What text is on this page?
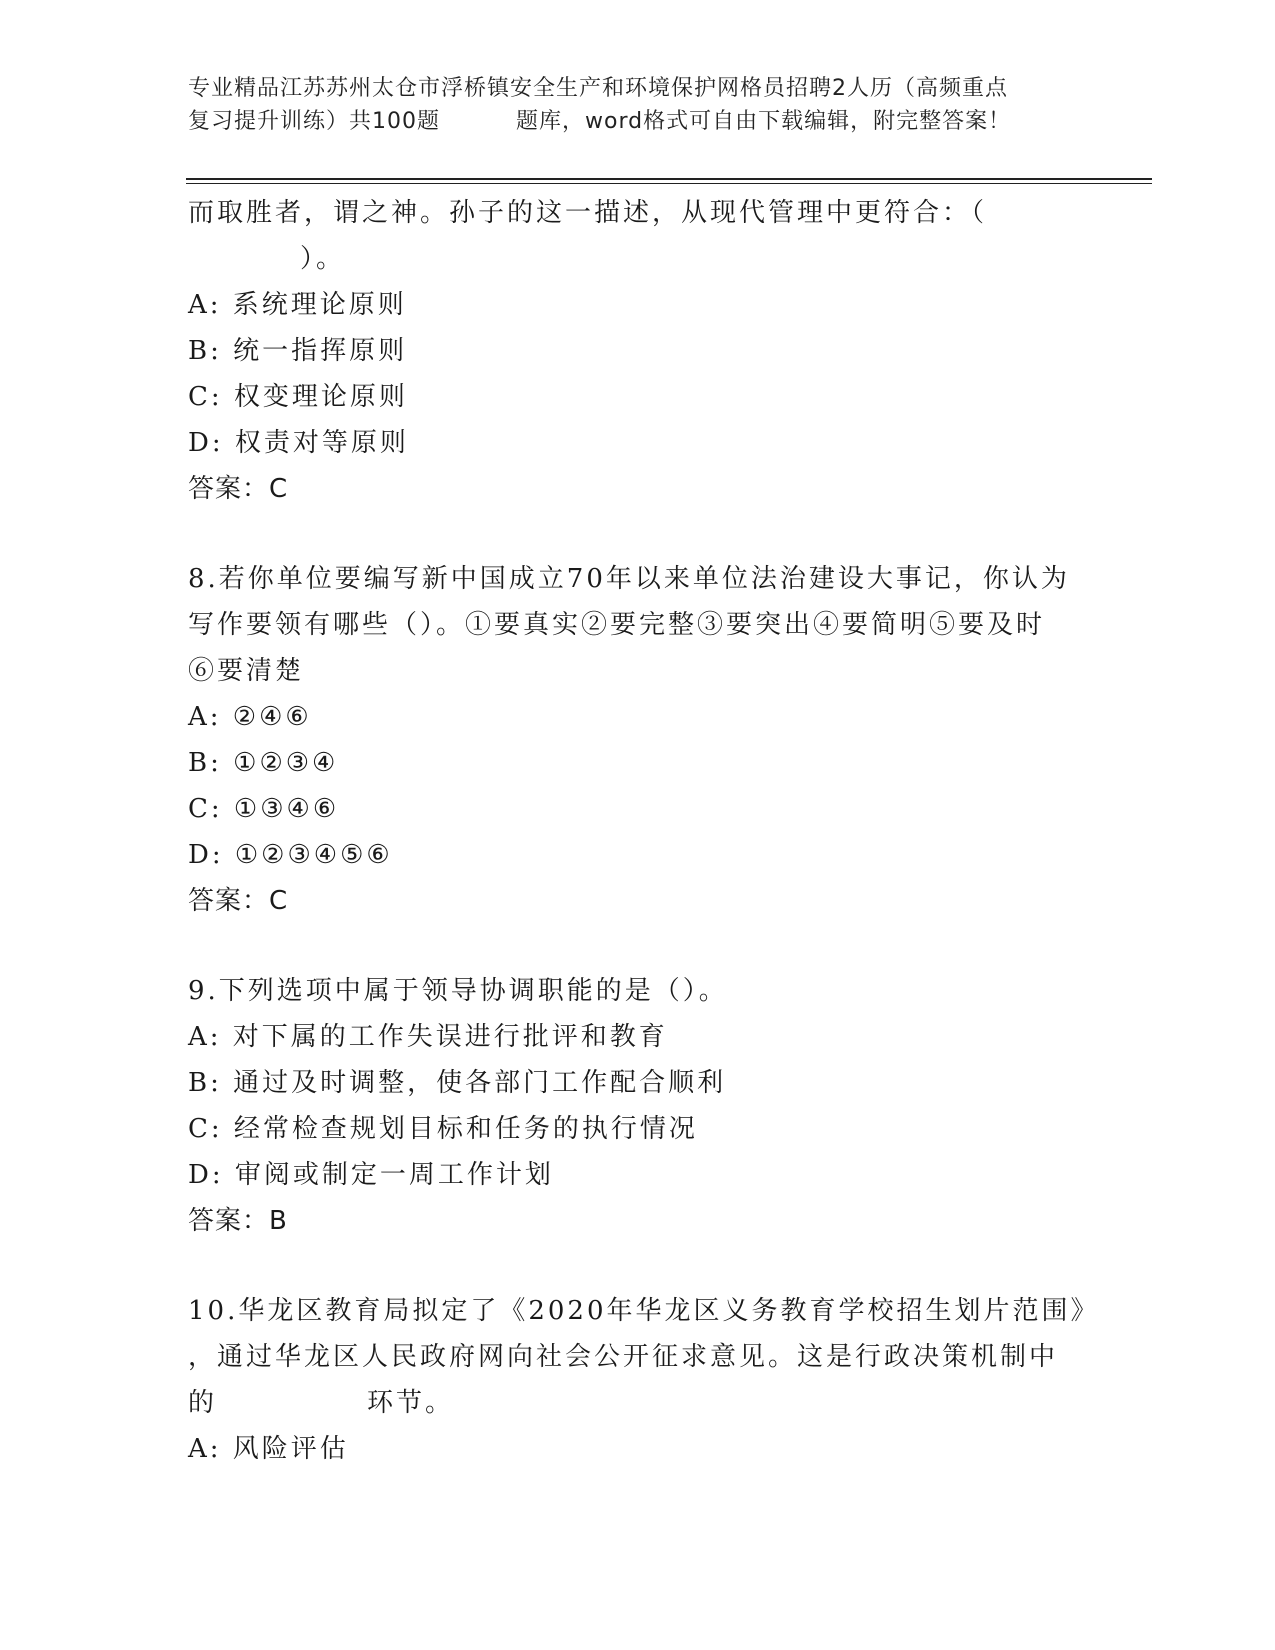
专业精品江苏苏州太仓市浮桥镇安全生产和环境保护网格员招聘2人历（高频重点
复习提升训练）共100题	题库，word格式可自由下载编辑，附完整答案！

而取胜者，谓之神。孙子的这一描述，从现代管理中更符合：（

）。

A: 系统理论原则

B: 统一指挥原则

C: 权变理论原则

D: 权责对等原则

答案：C

8.若你单位要编写新中国成立70年以来单位法治建设大事记，你认为

写作要领有哪些（）。①要真实②要完整③要突出④要简明⑤要及时

⑥要清楚

A: ②④⑥

B: ①②③④

C: ①③④⑥

D: ①②③④⑤⑥

答案：C

9.下列选项中属于领导协调职能的是（）。

A: 对下属的工作失误进行批评和教育

B: 通过及时调整，使各部门工作配合顺利

C: 经常检查规划目标和任务的执行情况

D: 审阅或制定一周工作计划

答案：B

10.华龙区教育局拟定了《2020年华龙区义务教育学校招生划片范围》

，通过华龙区人民政府网向社会公开征求意见。这是行政决策机制中

的	环节。

A: 风险评估
